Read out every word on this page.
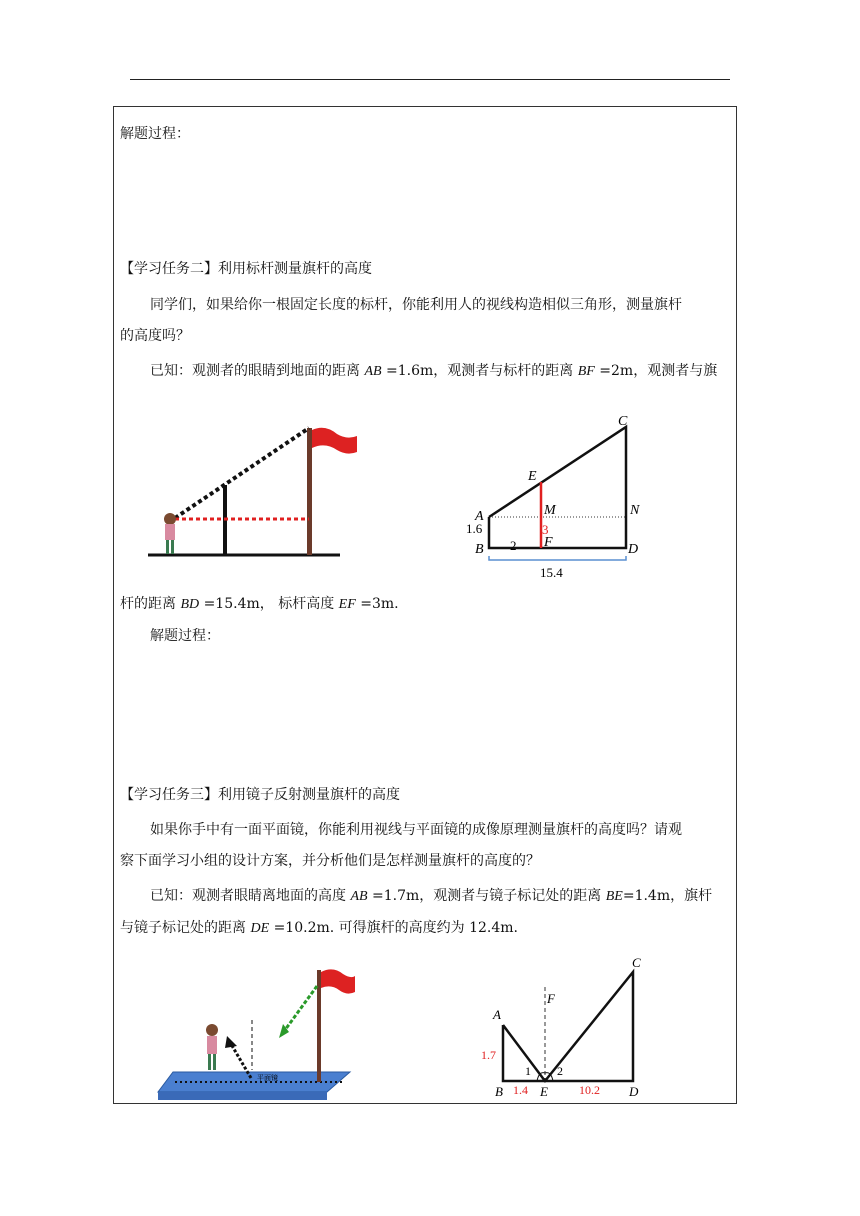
解题过程：
【学习任务二】利用标杆测量旗杆的高度
同学们，如果给你一根固定长度的标杆，你能利用人的视线构造相似三角形，测量旗杆
的高度吗？
已知：观测者的眼睛到地面的距离 AB =1.6m，观测者与标杆的距离 BF =2m，观测者与旗
C
E
A	M	N
1.6	3
B 2 F	D
15.4
杆的距离 BD =15.4m， 标杆高度 EF =3m.
解题过程：
【学习任务三】利用镜子反射测量旗杆的高度
如果你手中有一面平面镜，你能利用视线与平面镜的成像原理测量旗杆的高度吗？请观
察下面学习小组的设计方案，并分析他们是怎样测量旗杆的高度的？
已知：观测者眼睛离地面的高度 AB =1.7m，观测者与镜子标记处的距离 BE=1.4m，旗杆
与镜子标记处的距离 DE =10.2m. 可得旗杆的高度约为 12.4m.
平面镜
C
F
A
1.7
1 2
B 1.4 E	10.2 D
